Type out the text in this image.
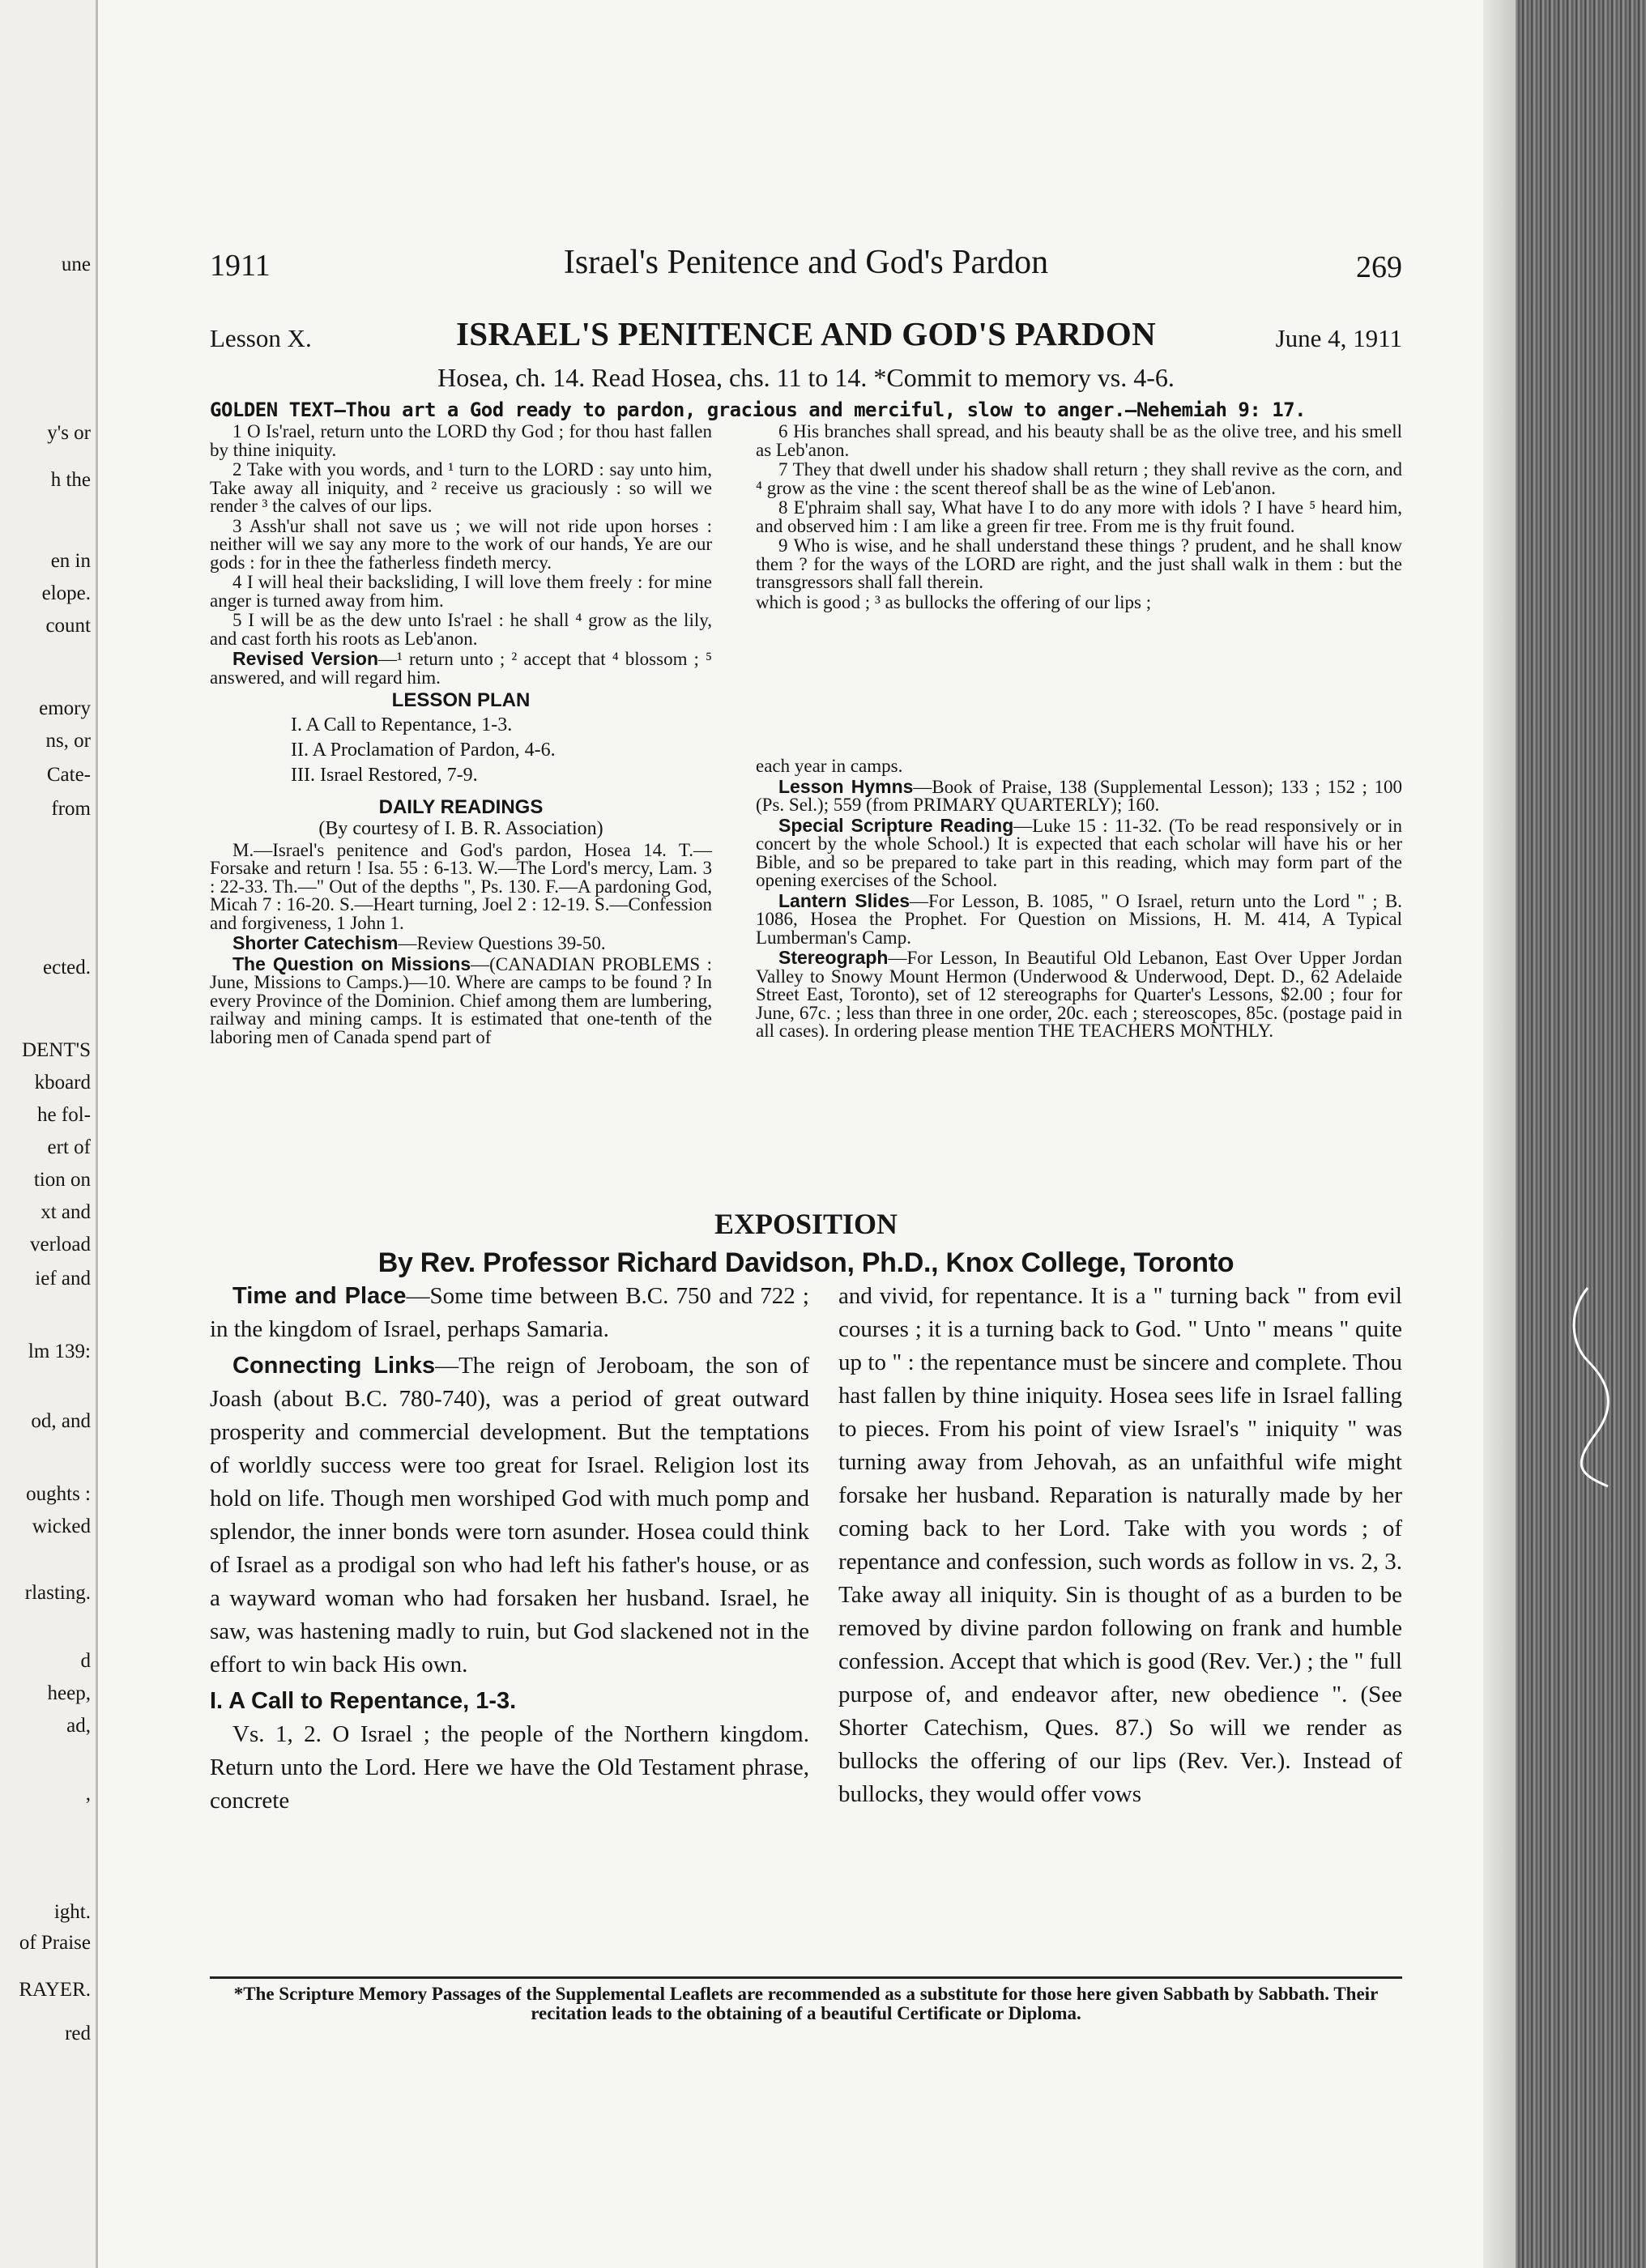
une
y's or
h the
en in
elope.
count
emory
ns, or
Cate-
from
ected.
DENT'S
kboard
he fol-
ert of
tion on
xt and
verload
ief and
lm 139:
od, and
oughts :
wicked
rlasting.
d
heep,
ad,
,
ight.
of Praise
RAYER.
red
1911	Israel's Penitence and God's Pardon	269
Lesson X.	ISRAEL'S PENITENCE AND GOD'S PARDON	June 4, 1911
Hosea, ch. 14. Read Hosea, chs. 11 to 14. *Commit to memory vs. 4-6.
GOLDEN TEXT—Thou art a God ready to pardon, gracious and merciful, slow to anger.—Nehemiah 9: 17.

1 O Is'rael, return unto the LORD thy God ; for thou hast fallen by thine iniquity.

2 Take with you words, and ¹ turn to the LORD : say unto him, Take away all iniquity, and ² receive us graciously : so will we render ³ the calves of our lips.

3 Assh'ur shall not save us ; we will not ride upon horses : neither will we say any more to the work of our hands, Ye are our gods : for in thee the fatherless findeth mercy.

4 I will heal their backsliding, I will love them freely : for mine anger is turned away from him.

5 I will be as the dew unto Is'rael : he shall ⁴ grow as the lily, and cast forth his roots as Leb'anon.

Revised Version—¹ return unto ; ² accept that ⁴ blossom ; ⁵ answered, and will regard him.

LESSON PLAN

I. A Call to Repentance, 1-3.

II. A Proclamation of Pardon, 4-6.

III. Israel Restored, 7-9.

DAILY READINGS

(By courtesy of I. B. R. Association)

M.—Israel's penitence and God's pardon, Hosea 14. T.—Forsake and return ! Isa. 55 : 6-13. W.—The Lord's mercy, Lam. 3 : 22-33. Th.—" Out of the depths ", Ps. 130. F.—A pardoning God, Micah 7 : 16-20. S.—Heart turning, Joel 2 : 12-19. S.—Confession and forgiveness, 1 John 1.

Shorter Catechism—Review Questions 39-50.

The Question on Missions—(CANADIAN PROBLEMS : June, Missions to Camps.)—10. Where are camps to be found ? In every Province of the Dominion. Chief among them are lumbering, railway and mining camps. It is estimated that one-tenth of the laboring men of Canada spend part of

6 His branches shall spread, and his beauty shall be as the olive tree, and his smell as Leb'anon.

7 They that dwell under his shadow shall return ; they shall revive as the corn, and ⁴ grow as the vine : the scent thereof shall be as the wine of Leb'anon.

8 E'phraim shall say, What have I to do any more with idols ? I have ⁵ heard him, and observed him : I am like a green fir tree. From me is thy fruit found.

9 Who is wise, and he shall understand these things ? prudent, and he shall know them ? for the ways of the LORD are right, and the just shall walk in them : but the transgressors shall fall therein.

which is good ; ³ as bullocks the offering of our lips ;

each year in camps.

Lesson Hymns—Book of Praise, 138 (Supplemental Lesson); 133 ; 152 ; 100 (Ps. Sel.); 559 (from PRIMARY QUARTERLY); 160.

Special Scripture Reading—Luke 15 : 11-32. (To be read responsively or in concert by the whole School.) It is expected that each scholar will have his or her Bible, and so be prepared to take part in this reading, which may form part of the opening exercises of the School.

Lantern Slides—For Lesson, B. 1085, " O Israel, return unto the Lord " ; B. 1086, Hosea the Prophet. For Question on Missions, H. M. 414, A Typical Lumberman's Camp.

Stereograph—For Lesson, In Beautiful Old Lebanon, East Over Upper Jordan Valley to Snowy Mount Hermon (Underwood & Underwood, Dept. D., 62 Adelaide Street East, Toronto), set of 12 stereographs for Quarter's Lessons, $2.00 ; four for June, 67c. ; less than three in one order, 20c. each ; stereoscopes, 85c. (postage paid in all cases). In ordering please mention THE TEACHERS MONTHLY.

EXPOSITION
By Rev. Professor Richard Davidson, Ph.D., Knox College, Toronto

Time and Place—Some time between B.C. 750 and 722 ; in the kingdom of Israel, perhaps Samaria.

Connecting Links—The reign of Jeroboam, the son of Joash (about B.C. 780-740), was a period of great outward prosperity and commercial development. But the temptations of worldly success were too great for Israel. Religion lost its hold on life. Though men worshiped God with much pomp and splendor, the inner bonds were torn asunder. Hosea could think of Israel as a prodigal son who had left his father's house, or as a wayward woman who had forsaken her husband. Israel, he saw, was hastening madly to ruin, but God slackened not in the effort to win back His own.

I. A Call to Repentance, 1-3.

Vs. 1, 2. O Israel ; the people of the Northern kingdom. Return unto the Lord. Here we have the Old Testament phrase, concrete

and vivid, for repentance. It is a " turning back " from evil courses ; it is a turning back to God. " Unto " means " quite up to " : the repentance must be sincere and complete. Thou hast fallen by thine iniquity. Hosea sees life in Israel falling to pieces. From his point of view Israel's " iniquity " was turning away from Jehovah, as an unfaithful wife might forsake her husband. Reparation is naturally made by her coming back to her Lord. Take with you words ; of repentance and confession, such words as follow in vs. 2, 3. Take away all iniquity. Sin is thought of as a burden to be removed by divine pardon following on frank and humble confession. Accept that which is good (Rev. Ver.) ; the " full purpose of, and endeavor after, new obedience ". (See Shorter Catechism, Ques. 87.) So will we render as bullocks the offering of our lips (Rev. Ver.). Instead of bullocks, they would offer vows

*The Scripture Memory Passages of the Supplemental Leaflets are recommended as a substitute for those here given Sabbath by Sabbath. Their recitation leads to the obtaining of a beautiful Certificate or Diploma.
